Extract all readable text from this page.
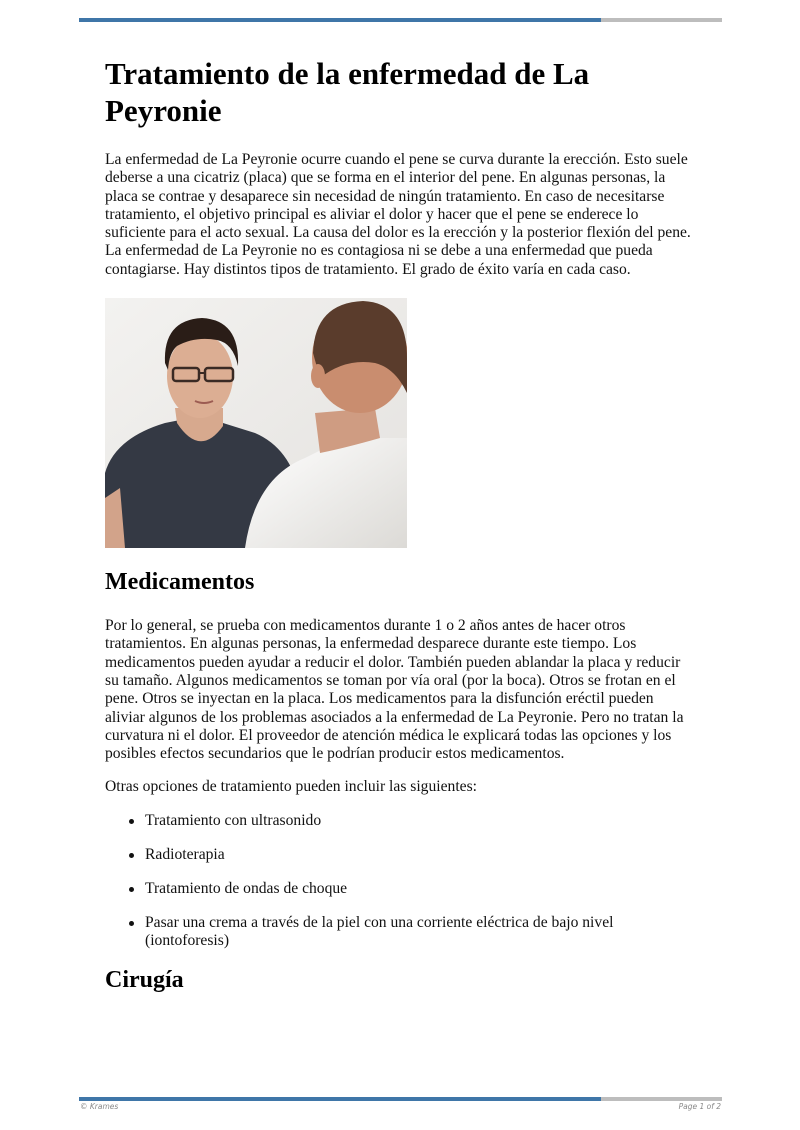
Tratamiento de la enfermedad de La Peyronie

La enfermedad de La Peyronie ocurre cuando el pene se curva durante la erección. Esto suele deberse a una cicatriz (placa) que se forma en el interior del pene. En algunas personas, la placa se contrae y desaparece sin necesidad de ningún tratamiento. En caso de necesitarse tratamiento, el objetivo principal es aliviar el dolor y hacer que el pene se enderece lo suficiente para el acto sexual. La causa del dolor es la erección y la posterior flexión del pene. La enfermedad de La Peyronie no es contagiosa ni se debe a una enfermedad que pueda contagiarse. Hay distintos tipos de tratamiento. El grado de éxito varía en cada caso.

Medicamentos

Por lo general, se prueba con medicamentos durante 1 o 2 años antes de hacer otros tratamientos. En algunas personas, la enfermedad desparece durante este tiempo. Los medicamentos pueden ayudar a reducir el dolor. También pueden ablandar la placa y reducir su tamaño. Algunos medicamentos se toman por vía oral (por la boca). Otros se frotan en el pene. Otros se inyectan en la placa. Los medicamentos para la disfunción eréctil pueden aliviar algunos de los problemas asociados a la enfermedad de La Peyronie. Pero no tratan la curvatura ni el dolor. El proveedor de atención médica le explicará todas las opciones y los posibles efectos secundarios que le podrían producir estos medicamentos.

Otras opciones de tratamiento pueden incluir las siguientes:

Tratamiento con ultrasonido
Radioterapia
Tratamiento de ondas de choque
Pasar una crema a través de la piel con una corriente eléctrica de bajo nivel (iontoforesis)
Cirugía
© Krames	Page 1 of 2
